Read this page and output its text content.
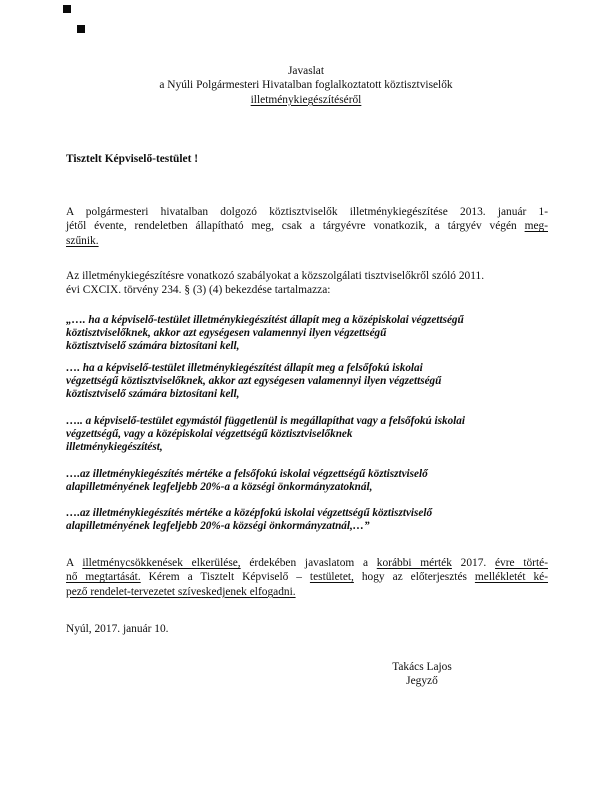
Javaslat
a Nyúli Polgármesteri Hivatalban foglalkoztatott köztisztviselők
illetménykiegészítéséről
Tisztelt Képviselő-testület !
A polgármesteri hivatalban dolgozó köztisztviselők illetménykiegészítése 2013. január 1-
jétől évente, rendeletben állapítható meg, csak a tárgyévre vonatkozik, a tárgyév végén meg-
szűnik.
Az illetménykiegészítésre vonatkozó szabályokat a közszolgálati tisztviselőkről szóló 2011.
évi CXCIX. törvény 234. § (3) (4) bekezdése tartalmazza:
„…. ha a képviselő-testület illetménykiegészítést állapít meg a középiskolai végzettségű
köztisztviselőknek, akkor azt egységesen valamennyi ilyen végzettségű
köztisztviselő számára biztosítani kell,
…. ha a képviselő-testület illetménykiegészítést állapít meg a felsőfokú iskolai
végzettségű köztisztviselőknek, akkor azt egységesen valamennyi ilyen végzettségű
köztisztviselő számára biztosítani kell,
….. a képviselő-testület egymástól függetlenül is megállapíthat vagy a felsőfokú iskolai
végzettségű, vagy a középiskolai végzettségű köztisztviselőknek
illetménykiegészítést,
….az illetménykiegészítés mértéke a felsőfokú iskolai végzettségű köztisztviselő
alapilletményének legfeljebb 20%-a a községi önkormányzatoknál,
….az illetménykiegészítés mértéke a középfokú iskolai végzettségű köztisztviselő
alapilletményének legfeljebb 20%-a községi önkormányzatnál,…”
A illetménycsökkenések elkerülése, érdekében javaslatom a korábbi mérték 2017. évre törté-
nő megtartását. Kérem a Tisztelt Képviselő – testületet, hogy az előterjesztés mellékletét ké-
pező rendelet-tervezetet szíveskedjenek elfogadni.
Nyúl, 2017. január 10.
Takács Lajos
Jegyző
